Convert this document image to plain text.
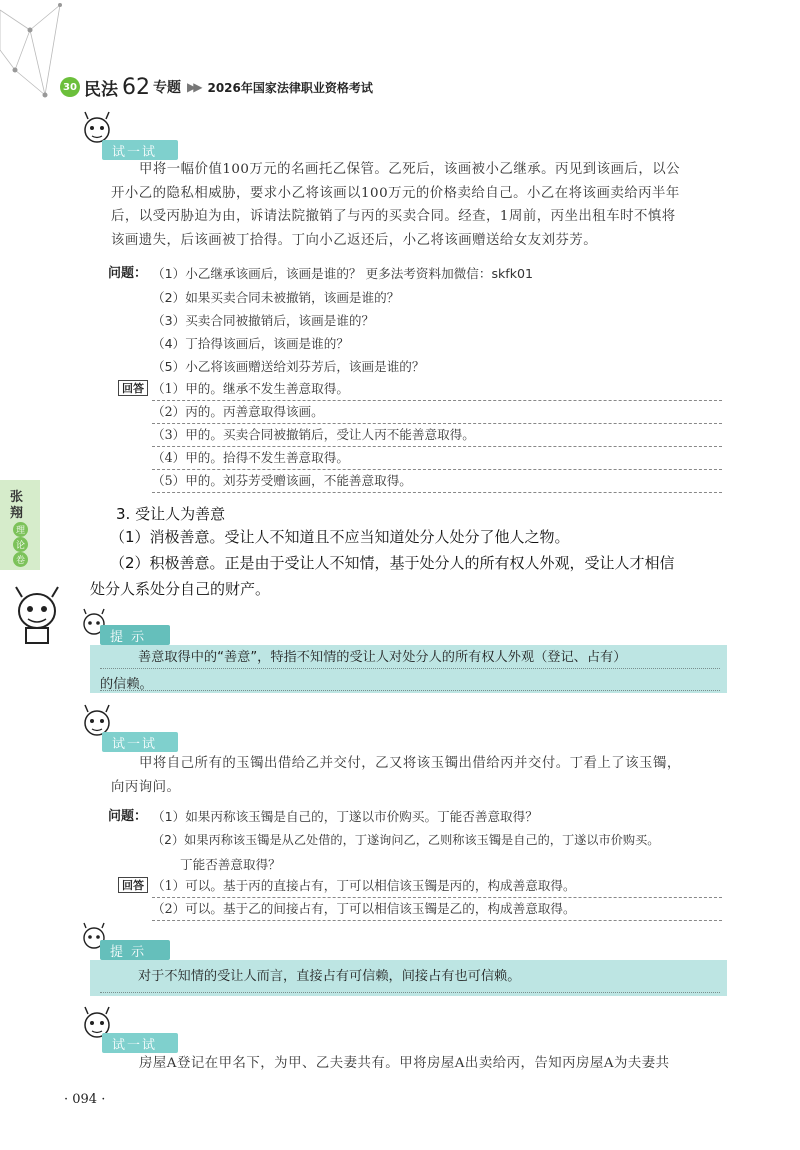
30 民法 62 专题 ▶▶ 2026年国家法律职业资格考试
试一试
甲将一幅价值100万元的名画托乙保管。乙死后，该画被小乙继承。丙见到该画后，以公
开小乙的隐私相威胁，要求小乙将该画以100万元的价格卖给自己。小乙在将该画卖给丙半年
后，以受丙胁迫为由，诉请法院撤销了与丙的买卖合同。经查，1周前，丙坐出租车时不慎将
该画遗失，后该画被丁拾得。丁向小乙返还后，小乙将该画赠送给女友刘芬芳。
问题： （1）小乙继承该画后，该画是谁的？ 更多法考资料加微信：skfk01
（2）如果买卖合同未被撤销，该画是谁的？
（3）买卖合同被撤销后，该画是谁的？
（4）丁拾得该画后，该画是谁的？
（5）小乙将该画赠送给刘芬芳后，该画是谁的？
回答 （1）甲的。继承不发生善意取得。
（2）丙的。丙善意取得该画。
（3）甲的。买卖合同被撤销后，受让人丙不能善意取得。
（4）甲的。拾得不发生善意取得。
（5）甲的。刘芬芳受赠该画，不能善意取得。
张
翔
理
论
卷
3. 受让人为善意
（1）消极善意。受让人不知道且不应当知道处分人处分了他人之物。
（2）积极善意。正是由于受让人不知情，基于处分人的所有权人外观，受让人才相信
处分人系处分自己的财产。
提 示
善意取得中的“善意”，特指不知情的受让人对处分人的所有权人外观（登记、占有）
的信赖。
试一试
甲将自己所有的玉镯出借给乙并交付，乙又将该玉镯出借给丙并交付。丁看上了该玉镯，
向丙询问。
问题： （1）如果丙称该玉镯是自己的，丁遂以市价购买。丁能否善意取得？
（2）如果丙称该玉镯是从乙处借的，丁遂询问乙，乙则称该玉镯是自己的，丁遂以市价购买。
丁能否善意取得？
回答 （1）可以。基于丙的直接占有，丁可以相信该玉镯是丙的，构成善意取得。
（2）可以。基于乙的间接占有，丁可以相信该玉镯是乙的，构成善意取得。
提 示
对于不知情的受让人而言，直接占有可信赖，间接占有也可信赖。
试一试
房屋A登记在甲名下，为甲、乙夫妻共有。甲将房屋A出卖给丙，告知丙房屋A为夫妻共
· 094 ·
